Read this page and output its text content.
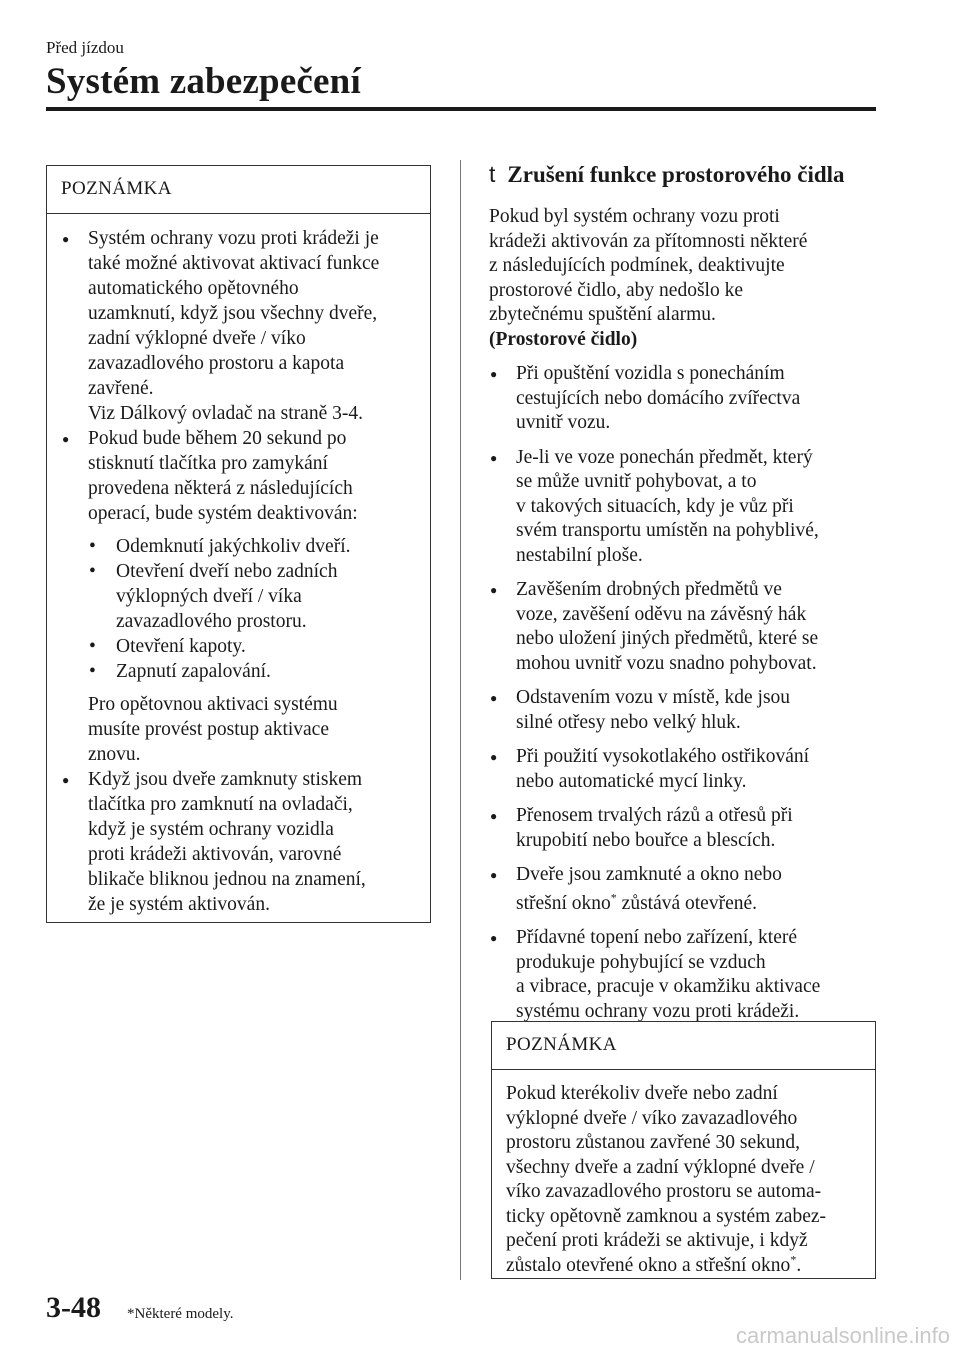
Před jízdou
Systém zabezpečení
POZNÁMKA
● Systém ochrany vozu proti krádeži je
také možné aktivovat aktivací funkce
automatického opětovného
uzamknutí, když jsou všechny dveře,
zadní výklopné dveře / víko
zavazadlového prostoru a kapota
zavřené.
Viz Dálkový ovladač na straně 3-4.
● Pokud bude během 20 sekund po
stisknutí tlačítka pro zamykání
provedena některá z následujících
operací, bude systém deaktivován:
• Odemknutí jakýchkoliv dveří.
• Otevření dveří nebo zadních
výklopných dveří / víka
zavazadlového prostoru.
• Otevření kapoty.
• Zapnutí zapalování.
Pro opětovnou aktivaci systému
musíte provést postup aktivace
znovu.
● Když jsou dveře zamknuty stiskem
tlačítka pro zamknutí na ovladači,
když je systém ochrany vozidla
proti krádeži aktivován, varovné
blikače bliknou jednou na znamení,
že je systém aktivován.
t Zrušení funkce prostorového čidla
Pokud byl systém ochrany vozu proti
krádeži aktivován za přítomnosti některé
z následujících podmínek, deaktivujte
prostorové čidlo, aby nedošlo ke
zbytečnému spuštění alarmu.
(Prostorové čidlo)
● Při opuštění vozidla s ponecháním
cestujících nebo domácího zvířectva
uvnitř vozu.
● Je-li ve voze ponechán předmět, který
se může uvnitř pohybovat, a to
v takových situacích, kdy je vůz při
svém transportu umístěn na pohyblivé,
nestabilní ploše.
● Zavěšením drobných předmětů ve
voze, zavěšení oděvu na závěsný hák
nebo uložení jiných předmětů, které se
mohou uvnitř vozu snadno pohybovat.
● Odstavením vozu v místě, kde jsou
silné otřesy nebo velký hluk.
● Při použití vysokotlakého ostřikování
nebo automatické mycí linky.
● Přenosem trvalých rázů a otřesů při
krupobití nebo bouřce a blescích.
● Dveře jsou zamknuté a okno nebo
střešní okno* zůstává otevřené.
● Přídavné topení nebo zařízení, které
produkuje pohybující se vzduch
a vibrace, pracuje v okamžiku aktivace
systému ochrany vozu proti krádeži.
POZNÁMKA
Pokud kterékoliv dveře nebo zadní
výklopné dveře / víko zavazadlového
prostoru zůstanou zavřené 30 sekund,
všechny dveře a zadní výklopné dveře /
víko zavazadlového prostoru se automa-
ticky opětovně zamknou a systém zabez-
pečení proti krádeži se aktivuje, i když
zůstalo otevřené okno a střešní okno*.
3-48 *Některé modely.
carmanualsonline.info
